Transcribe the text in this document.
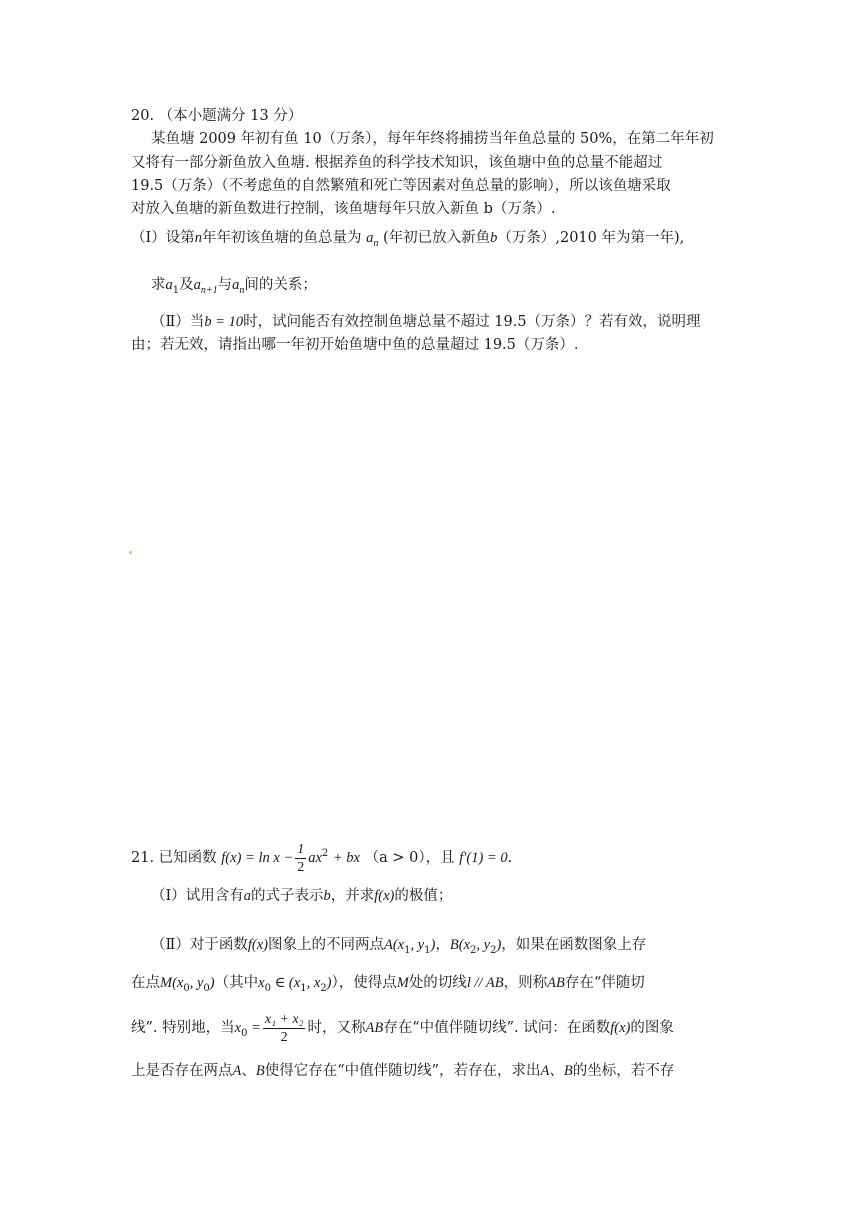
20. （本小题满分 13 分）
某鱼塘 2009 年初有鱼 10（万条），每年年终将捕捞当年鱼总量的 50%，在第二年年初
又将有一部分新鱼放入鱼塘. 根据养鱼的科学技术知识，该鱼塘中鱼的总量不能超过
19.5（万条）（不考虑鱼的自然繁殖和死亡等因素对鱼总量的影响），所以该鱼塘采取
对放入鱼塘的新鱼数进行控制，该鱼塘每年只放入新鱼 b（万条）.
（Ⅰ）设第n年年初该鱼塘的鱼总量为 $a_n$ (年初已放入新鱼b（万条）,2010 年为第一年),
求$a_1$及$a_{n+1}$与$a_n$间的关系；
（Ⅱ）当b = 10时，试问能否有效控制鱼塘总量不超过 19.5（万条）？若有效，说明理
由；若无效，请指出哪一年初开始鱼塘中鱼的总量超过 19.5（万条）.
21. 已知函数 $f(x) = \ln x - \frac{1}{2} ax^2$ + bx （a > 0），且 f′(1) = 0.
（Ⅰ）试用含有a的式子表示b，并求f(x)的极值；
（Ⅱ）对于函数f(x)图象上的不同两点$A(x_1$, $y_1$)，$B(x_2$, $y_2$)，如果在函数图象上存
在点$M(x_0$, $y_0$)（其中$x_0$ ∈ ($x_1$, $x_2$)），使得点M处的切线l // AB，则称AB存在“伴随切
线”. 特别地，当$x_0 = \frac{\text{x₁ + x₂}}{2}$ 时，又称AB存在“中值伴随切线”. 试问：在函数f(x)的图象
上是否存在两点A、B使得它存在“中值伴随切线”，若存在，求出A、B的坐标，若不存
